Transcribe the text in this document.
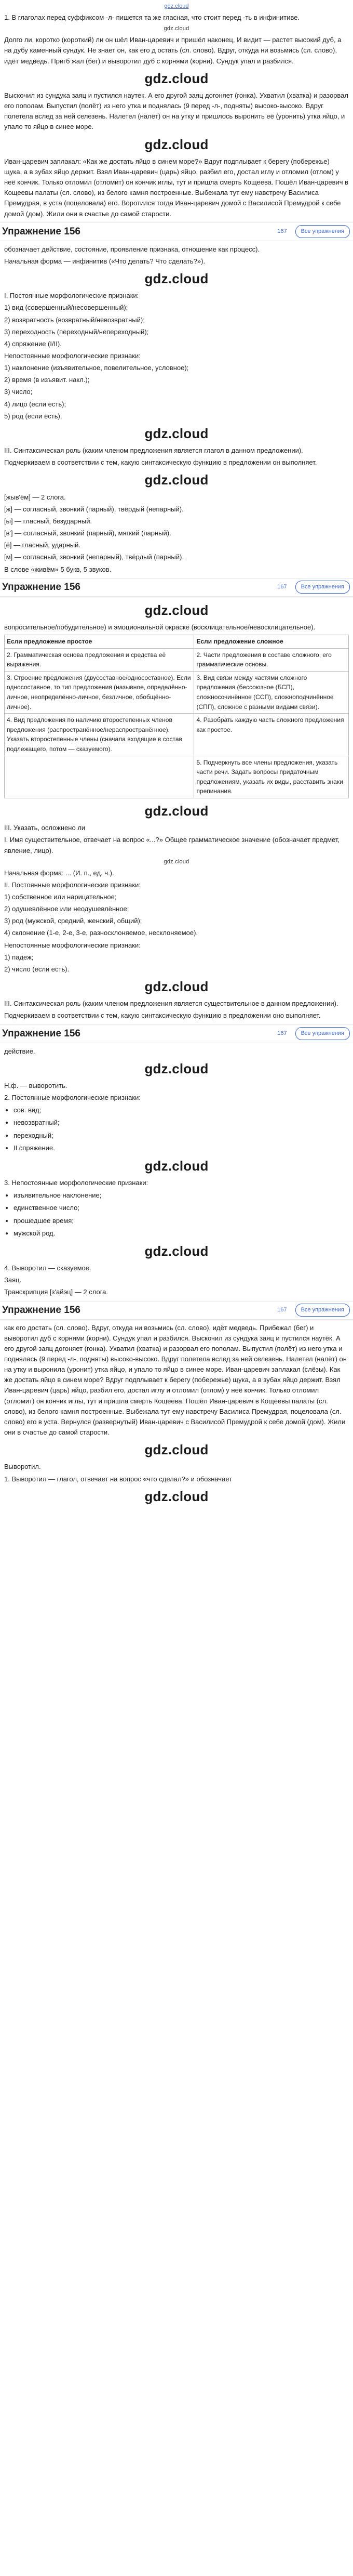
gdz.cloud

1. В глаголах перед суффиксом -л- пишется та же гласная, что стоит перед -ть в инфинитиве.

gdz.cloud

Долго ли, коротко (короткий) ли он шёл Иван-царевич и пришёл наконец, И видит — растет высокий дуб, а на дубу каменный сундук. Не знает он, как его д остать (сл. слово). Вдруг, откуда ни возьмись (сл. слово), идёт медведь. Пригб жал (бег) и выворотил дуб с корнями (корни). Сундук упал и разбился.

gdz.cloud

Выскочил из сундука заяц и пустился наутек. А его другой заяц догоняет (гонка). Ухватил (хватка) и разорвал его пополам. Выпустил (полёт) из него утка и поднялась (9 перед -л-, подняты) высоко-высоко. Вдруг полетела вслед за ней селезень. Налетел (налёт) он на утку и пришлось выронить её (уронить) утка яйцо, и упало то яйцо в синее море.

gdz.cloud

Иван-царевич заплакал: «Как же достать яйцо в синем море?» Вдруг подплывает к берегу (побережье) щука, а в зубах яйцо держит. Взял Иван-царевич (царь) яйцо, разбил его, достал иглу и отломил (отлом) у неё кончик. Только отломил (отломит) он кончик иглы, тут и пришла смерть Кощеева. Пошёл Иван-царевич в Кощеевы палаты (сл. слово), из белого камня построенные. Выбежала тут ему навстречу Василиса Премудрая, в уста (поцеловала) его. Воротился тогда Иван-царевич домой с Василисой Премудрой к себе домой (дом). Жили они в счастье до самой старости.

Упражнение 156	167	Все упражнения

обозначает действие, состояние, проявление признака, отношение как процесс).

Начальная форма — инфинитив («Что делать? Что сделать?»).

gdz.cloud

I. Постоянные морфологические признаки:

1) вид (совершенный/несовершенный);

2) возвратность (возвратный/невозвратный);

3) переходность (переходный/непереходный);

4) спряжение (I/II).

Непостоянные морфологические признаки:

1) наклонение (изъявительное, повелительное, условное);

2) время (в изъявит. накл.);

3) число;

4) лицо (если есть);

5) род (если есть).

gdz.cloud

III. Синтаксическая роль (каким членом предложения является глагол в данном предложении).

Подчеркиваем в соответствии с тем, какую синтаксическую функцию в предложении он выполняет.

gdz.cloud

[жыв'ём] — 2 слога.

[ж] — согласный, звонкий (парный), твёрдый (непарный).

[ы] — гласный, безударный.

[в'] — согласный, звонкий (парный), мягкий (парный).

[ё] — гласный, ударный.

[м] — согласный, звонкий (непарный), твёрдый (парный).

В слове «живём» 5 букв, 5 звуков.

Упражнение 156	167	Все упражнения
gdz.cloud

вопросительное/побудительное) и эмоциональной окраске (восклицательное/невосклицательное).

Если предложение простое	Если предложение сложное
2. Грамматическая основа предложения и средства её выражения.	2. Части предложения в составе сложного, его грамматические основы.
3. Строение предложения (двусоставное/односоставное). Если односоставное, то тип предложения (назывное, определённо-личное, неопределённо-личное, безличное, обобщённо-личное).	3. Вид связи между частями сложного предложения (бессоюзное (БСП), сложносочинённое (ССП), сложноподчинённое (СПП), сложное с разными видами связи).
4. Вид предложения по наличию второстепенных членов предложения (распространённое/нераспространённое). Указать второстепенные члены (сначала входящие в состав подлежащего, потом — сказуемого).	4. Разобрать каждую часть сложного предложения как простое.
	5. Подчеркнуть все члены предложения, указать части речи. Задать вопросы придаточным предложениям, указать их виды, расставить знаки препинания.
gdz.cloud

III. Указать, осложнено ли

I. Имя существительное, отвечает на вопрос «...?» Общее грамматическое значение (обозначает предмет, явление, лицо).

gdz.cloud

Начальная форма: ... (И. п., ед. ч.).

II. Постоянные морфологические признаки:

1) собственное или нарицательное;

2) одушевлённое или неодушевлённое;

3) род (мужской, средний, женский, общий);

4) склонение (1-е, 2-е, 3-е, разносклоняемое, несклоняемое).

Непостоянные морфологические признаки:

1) падеж;

2) число (если есть).

gdz.cloud

III. Синтаксическая роль (каким членом предложения является существительное в данном предложении).

Подчеркиваем в соответствии с тем, какую синтаксическую функцию в предложении оно выполняет.

Упражнение 156	167	Все упражнения

действие.

gdz.cloud

Н.ф. — выворотить.

2. Постоянные морфологические признаки:

• сов. вид;
• невозвратный;
• переходный;
• II спряжение.
gdz.cloud

3. Непостоянные морфологические признаки:

• изъявительное наклонение;
• единственное число;
• прошедшее время;
• мужской род.
gdz.cloud

4. Выворотил — сказуемое.

Заяц.

Транскрипция [з'айэц] — 2 слога.

Упражнение 156	167	Все упражнения

как его достать (сл. слово). Вдруг, откуда ни возьмись (сл. слово), идёт медведь. Прибежал (бег) и выворотил дуб с корнями (корни). Сундук упал и разбился. Выскочил из сундука заяц и пустился наутёк. А его другой заяц догоняет (гонка). Ухватил (хватка) и разорвал его пополам. Выпустил (полёт) из него утка и поднялась (9 перед -л-, подняты) высоко-высоко. Вдруг полетела вслед за ней селезень. Налетел (налёт) он на утку и выронила (уронит) утка яйцо, и упало то яйцо в синее море. Иван-царевич заплакал (слёзы). Как же достать яйцо в синем море? Вдруг подплывает к берегу (побережье) щука, а в зубах яйцо держит. Взял Иван-царевич (царь) яйцо, разбил его, достал иглу и отломил (отлом) у неё кончик. Только отломил (отломит) он кончик иглы, тут и пришла смерть Кощеева. Пошёл Иван-царевич в Кощеевы палаты (сл. слово), из белого камня построенные. Выбежала тут ему навстречу Василиса Премудрая, поцеловала (сл. слово) его в уста. Вернулся (развернутый) Иван-царевич с Василисой Премудрой к себе домой (дом). Жили они в счастье до самой старости.

gdz.cloud

Выворотил.

1. Выворотил — глагол, отвечает на вопрос «что сделал?» и обозначает

gdz.cloud
